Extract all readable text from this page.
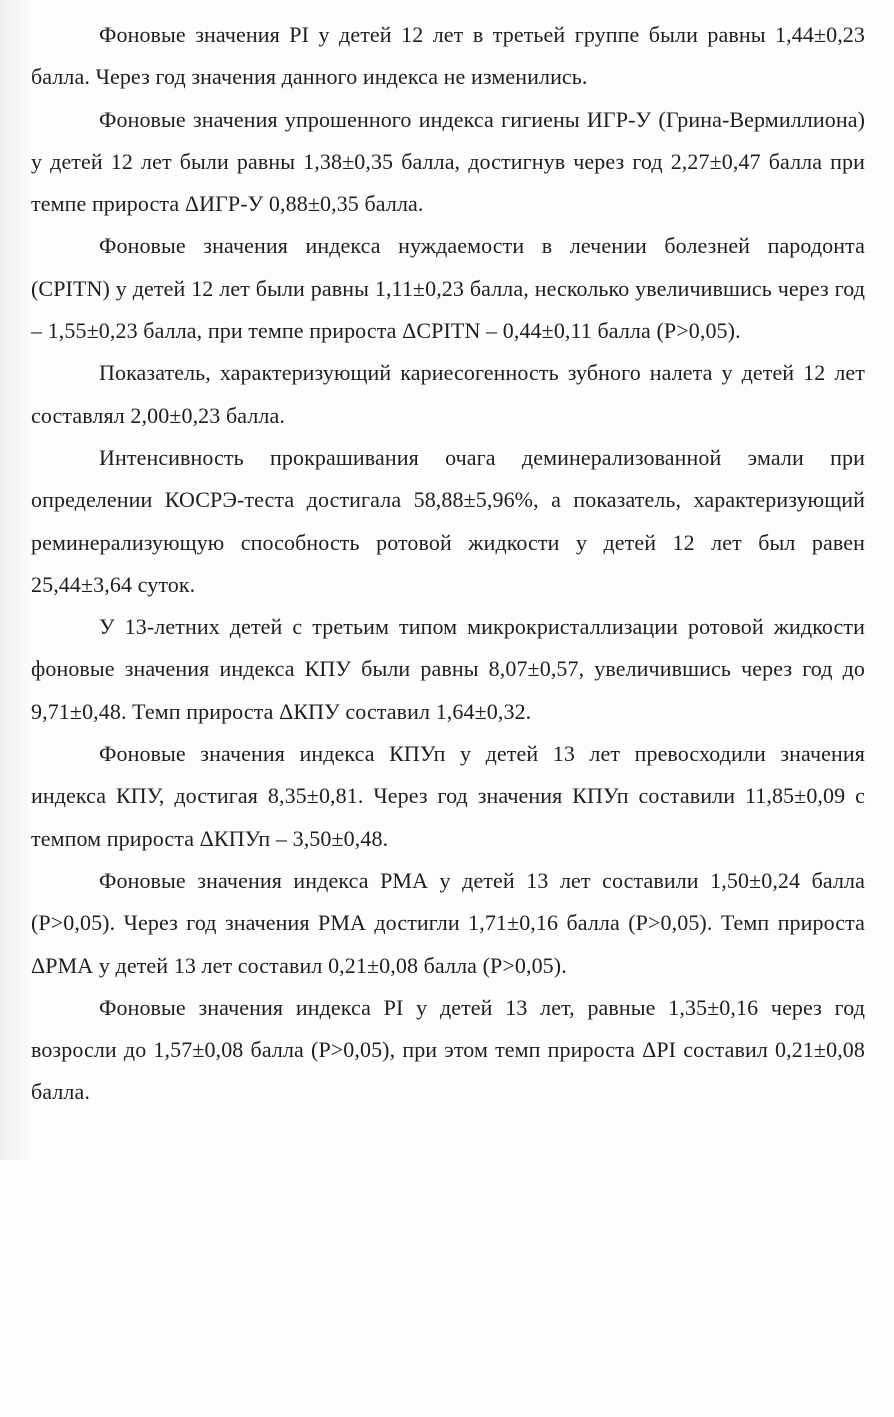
Фоновые значения PI у детей 12 лет в третьей группе были равны 1,44±0,23 балла. Через год значения данного индекса не изменились.

Фоновые значения упрошенного индекса гигиены ИГР-У (Грина-Вермиллиона) у детей 12 лет были равны 1,38±0,35 балла, достигнув через год 2,27±0,47 балла при темпе прироста ΔИГР-У 0,88±0,35 балла.

Фоновые значения индекса нуждаемости в лечении болезней пародонта (CPITN) у детей 12 лет были равны 1,11±0,23 балла, несколько увеличившись через год – 1,55±0,23 балла, при темпе прироста ΔCPITN – 0,44±0,11 балла (P>0,05).

Показатель, характеризующий кариесогенность зубного налета у детей 12 лет составлял 2,00±0,23 балла.

Интенсивность прокрашивания очага деминерализованной эмали при определении КОСРЭ-теста достигала 58,88±5,96%, а показатель, характеризующий реминерализующую способность ротовой жидкости у детей 12 лет был равен 25,44±3,64 суток.

У 13-летних детей с третьим типом микрокристаллизации ротовой жидкости фоновые значения индекса КПУ были равны 8,07±0,57, увеличившись через год до 9,71±0,48. Темп прироста ΔКПУ составил 1,64±0,32.

Фоновые значения индекса КПУп у детей 13 лет превосходили значения индекса КПУ, достигая 8,35±0,81. Через год значения КПУп составили 11,85±0,09 с темпом прироста ΔКПУп – 3,50±0,48.

Фоновые значения индекса РМА у детей 13 лет составили 1,50±0,24 балла (P>0,05). Через год значения РМА достигли 1,71±0,16 балла (P>0,05). Темп прироста ΔРМА у детей 13 лет составил 0,21±0,08 балла (P>0,05).

Фоновые значения индекса PI у детей 13 лет, равные 1,35±0,16 через год возросли до 1,57±0,08 балла (P>0,05), при этом темп прироста ΔPI составил 0,21±0,08 балла.
